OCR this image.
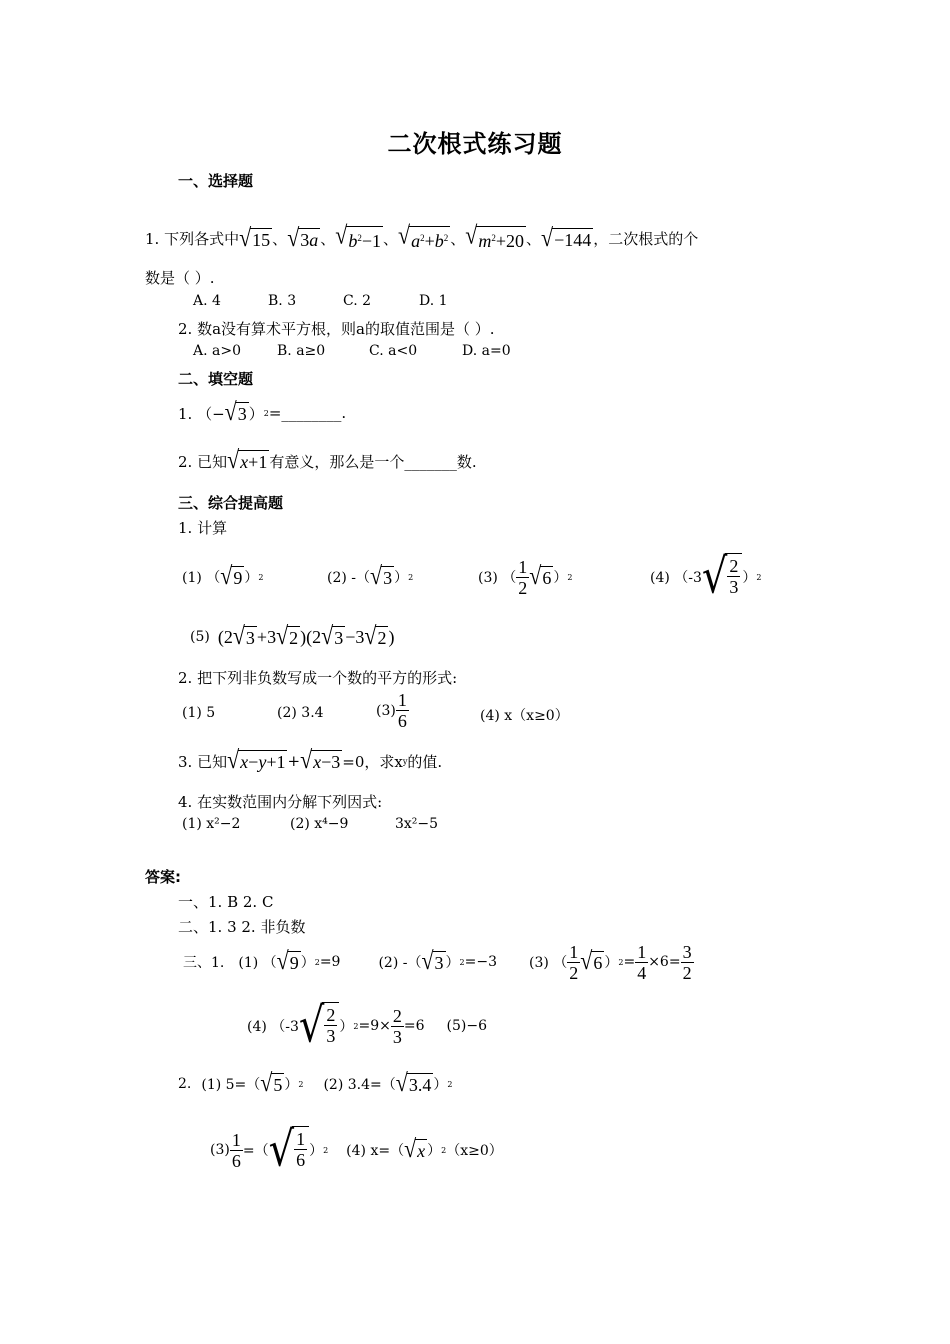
二次根式练习题
一、选择题
1. 下列各式中 √ 15 、 √ 3a 、 √ $b^2-1$ 、 √ $a^2+b^2$ 、 √ $m^2+20$ 、 √ −144 ，二次根式的个
数是（ ）.
A. 4	B. 3	C. 2	D. 1
2. 数a没有算术平方根，则a的取值范围是（ ）.
A. a>0	B. a≥0	C. a<0	D. a=0
二、填空题
1. （− √ 3 ） 2 =________.
2. 已知 √ x+1 有意义，那么是一个_______数.
三、综合提高题
1. 计算
(1) （ √ 9 ） 2	(2) -（ √ 3 ） 2	(3) （ $\frac{1}{2}$ √ 6 ） 2	(4) （-3 √ $\frac{2}{3}$ ） 2
(5) (2 √ 3 +3 √ 2 )(2 √ 3 −3 √ 2 )
2. 把下列非负数写成一个数的平方的形式:
(1) 5	(2) 3.4	$(3) \frac{1}{6}$	(4) x（x≥0）
3. 已知 √ x−y+1 + √ x−3 =0，求x y 的值.
4. 在实数范围内分解下列因式:
(1) x²−2	(2) x⁴−9	3x²−5
答案:
一、1. B 2. C
二、1. 3 2. 非负数
三、1. (1) （ √ 9 ） 2 =9	(2) -（ √ 3 ） 2 =−3 (3) （ $\frac{1}{2}$ √ 6 ） $2 = \frac{1}{4} \times 6= \frac{3}{2}$
(4) （-3 √ $\frac{2}{3}$ ） $2 =9\times \frac{2}{3} =6$ (5)−6
2. (1) 5=（ √ 5 ） 2 (2) 3.4=（ √ 3.4 ） 2
$(3) \frac{1}{6}$ =（ √ $\frac{1}{6}$ ） 2 (4) x=（ √ x ） 2 （x≥0）
